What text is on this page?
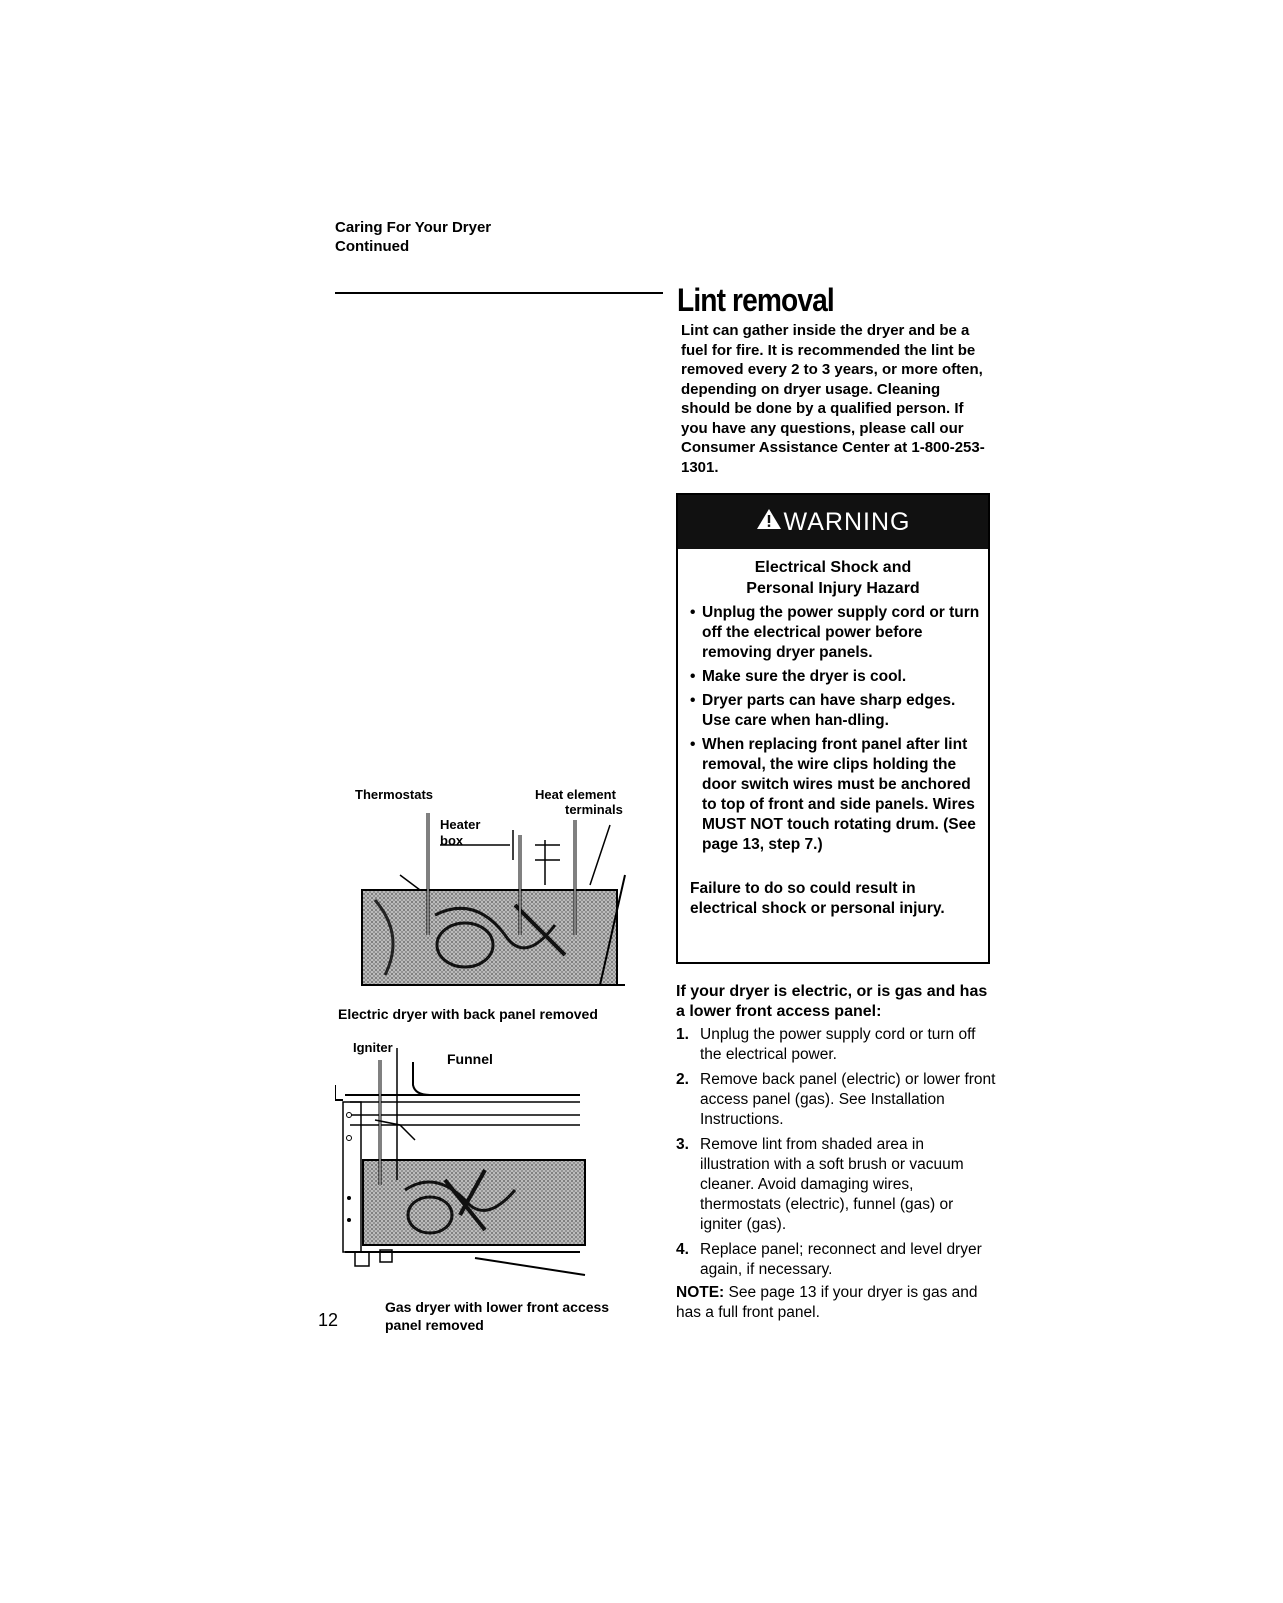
Caring For Your Dryer
Continued
Lint removal
Lint can gather inside the dryer and be a fuel for fire. It is recommended the lint be removed every 2 to 3 years, or more often, depending on dryer usage. Cleaning should be done by a qualified person. If you have any questions, please call our Consumer Assistance Center at 1-800-253-1301.
WARNING
Electrical Shock and
Personal Injury Hazard
• Unplug the power supply cord or turn off the electrical power before removing dryer panels.
• Make sure the dryer is cool.
• Dryer parts can have sharp edges. Use care when han-dling.
• When replacing front panel after lint removal, the wire clips holding the door switch wires must be anchored to top of front and side panels. Wires MUST NOT touch rotating drum. (See page 13, step 7.)
Failure to do so could result in electrical shock or personal injury.
If your dryer is electric, or is gas and has a lower front access panel:
1. Unplug the power supply cord or turn off the electrical power.
2. Remove back panel (electric) or lower front access panel (gas). See Installation Instructions.
3. Remove lint from shaded area in illustration with a soft brush or vacuum cleaner. Avoid damaging wires, thermostats (electric), funnel (gas) or igniter (gas).
4. Replace panel; reconnect and level dryer again, if necessary.
NOTE: See page 13 if your dryer is gas and has a full front panel.
Thermostats	Heat element
terminals
Heater
box
Electric dryer with back panel removed
Igniter
Funnel
Gas dryer with lower front access panel removed
12
